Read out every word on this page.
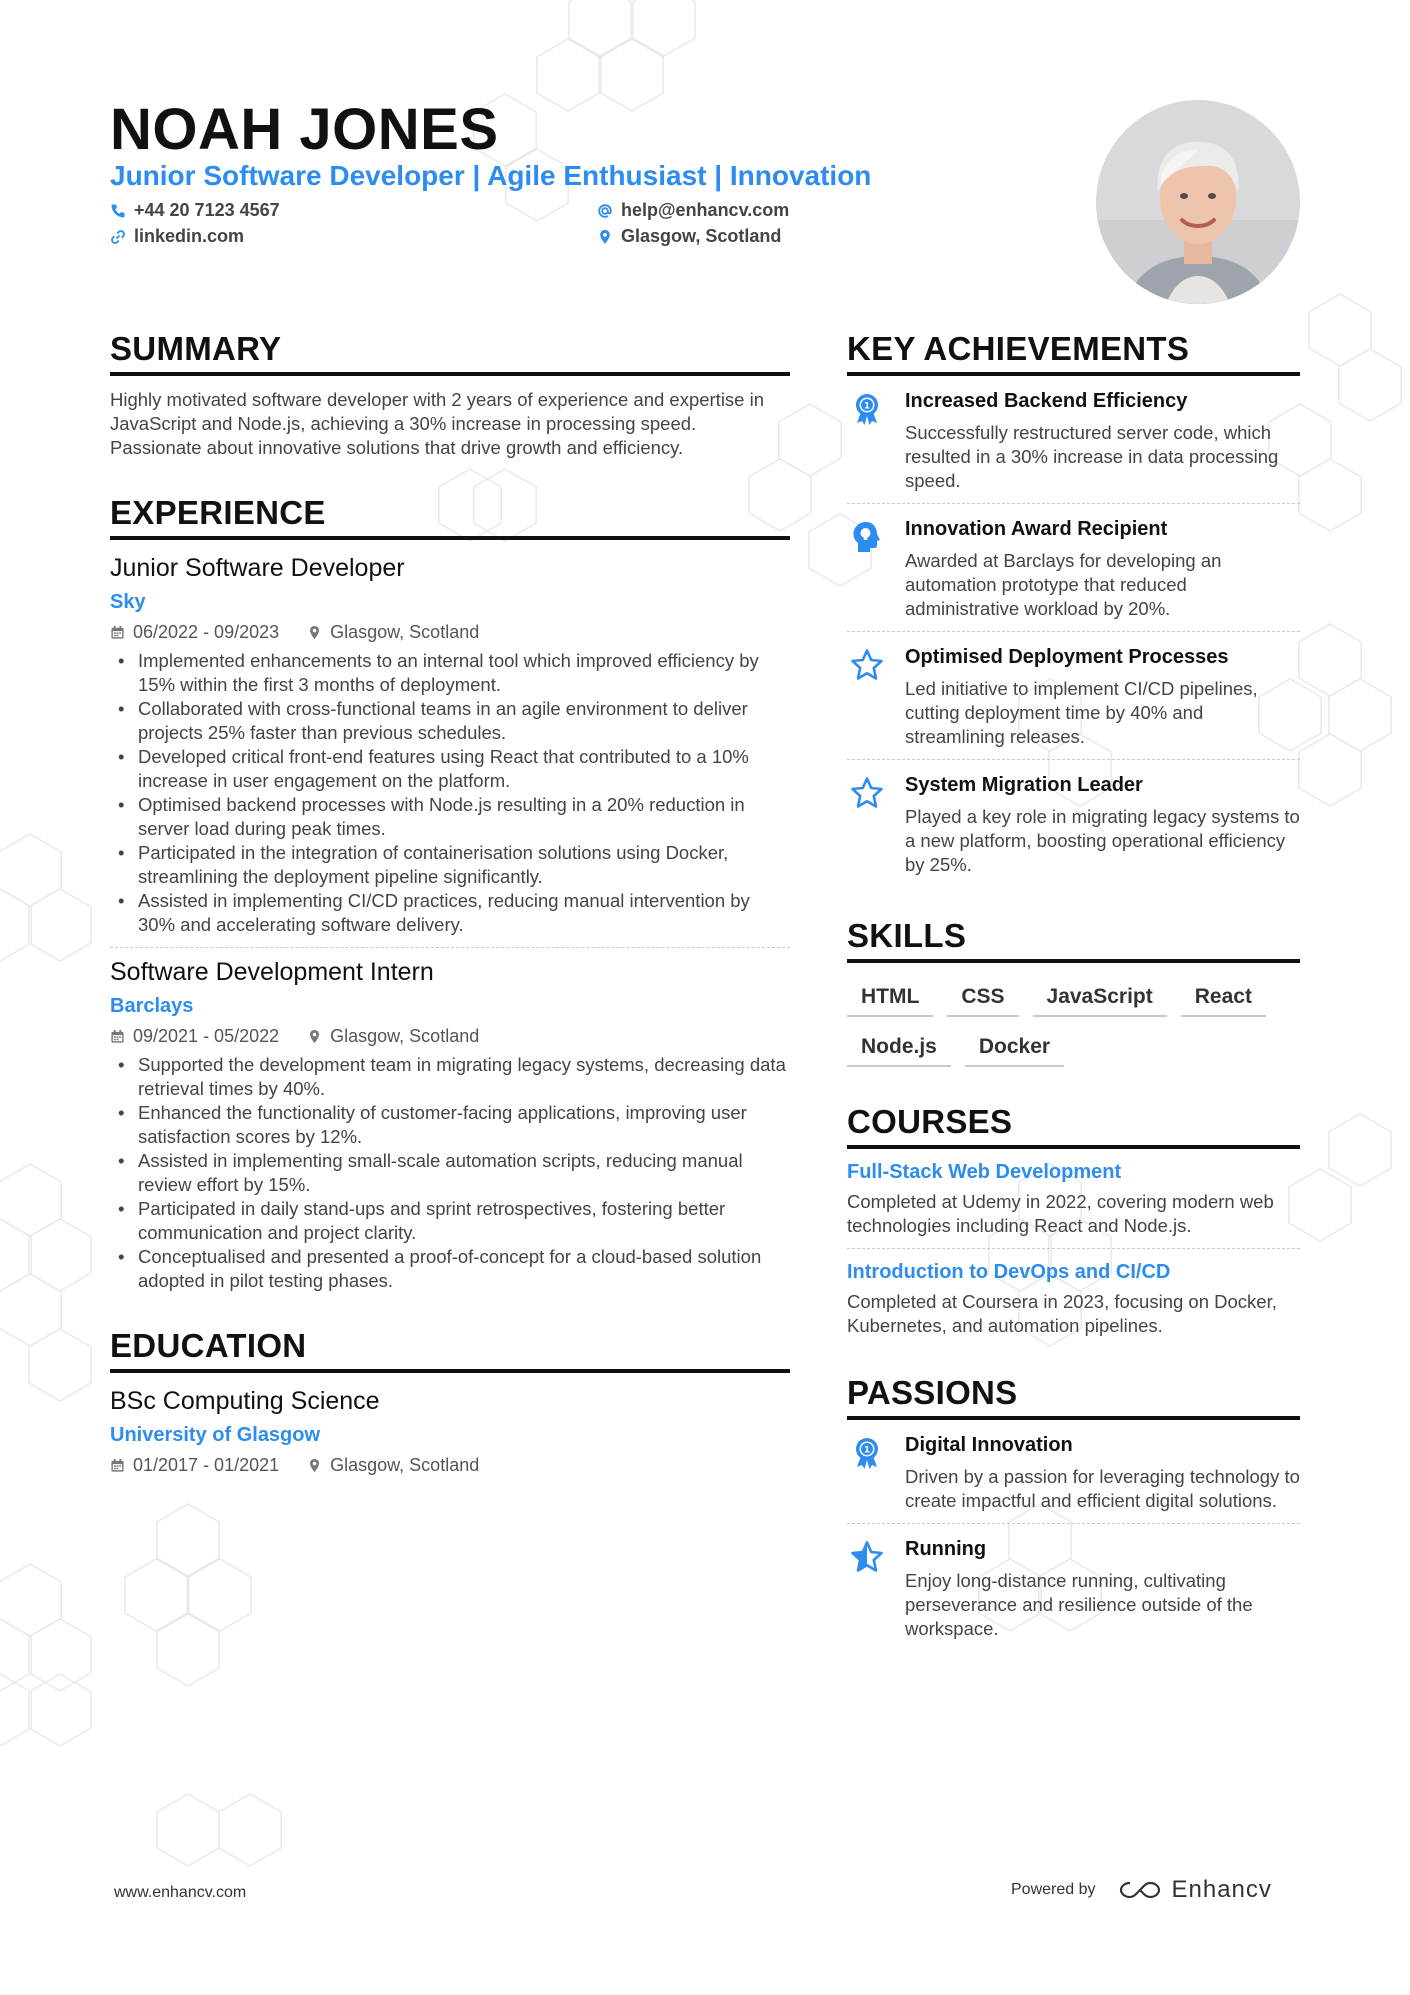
NOAH JONES
Junior Software Developer | Agile Enthusiast | Innovation
+44 20 7123 4567	help@enhancv.com
linkedin.com	Glasgow, Scotland
SUMMARY
Highly motivated software developer with 2 years of experience and expertise in JavaScript and Node.js, achieving a 30% increase in processing speed. Passionate about innovative solutions that drive growth and efficiency.
EXPERIENCE
Junior Software Developer
Sky
06/2022 - 09/2023	Glasgow, Scotland
• Implemented enhancements to an internal tool which improved efficiency by 15% within the first 3 months of deployment.
• Collaborated with cross-functional teams in an agile environment to deliver projects 25% faster than previous schedules.
• Developed critical front-end features using React that contributed to a 10% increase in user engagement on the platform.
• Optimised backend processes with Node.js resulting in a 20% reduction in server load during peak times.
• Participated in the integration of containerisation solutions using Docker, streamlining the deployment pipeline significantly.
• Assisted in implementing CI/CD practices, reducing manual intervention by 30% and accelerating software delivery.
Software Development Intern
Barclays
09/2021 - 05/2022	Glasgow, Scotland
• Supported the development team in migrating legacy systems, decreasing data retrieval times by 40%.
• Enhanced the functionality of customer-facing applications, improving user satisfaction scores by 12%.
• Assisted in implementing small-scale automation scripts, reducing manual review effort by 15%.
• Participated in daily stand-ups and sprint retrospectives, fostering better communication and project clarity.
• Conceptualised and presented a proof-of-concept for a cloud-based solution adopted in pilot testing phases.
EDUCATION
BSc Computing Science
University of Glasgow
01/2017 - 01/2021	Glasgow, Scotland
KEY ACHIEVEMENTS
1 Increased Backend Efficiency
Successfully restructured server code, which resulted in a 30% increase in data processing speed.
Innovation Award Recipient
Awarded at Barclays for developing an automation prototype that reduced administrative workload by 20%.
Optimised Deployment Processes
Led initiative to implement CI/CD pipelines, cutting deployment time by 40% and streamlining releases.
System Migration Leader
Played a key role in migrating legacy systems to a new platform, boosting operational efficiency by 25%.
SKILLS
HTML	CSS	JavaScript	React
Node.js	Docker
COURSES
Full-Stack Web Development
Completed at Udemy in 2022, covering modern web technologies including React and Node.js.
Introduction to DevOps and CI/CD
Completed at Coursera in 2023, focusing on Docker, Kubernetes, and automation pipelines.
PASSIONS
1 Digital Innovation
Driven by a passion for leveraging technology to create impactful and efficient digital solutions.
Running
Enjoy long-distance running, cultivating perseverance and resilience outside of the workspace.
www.enhancv.com	Powered by	Enhancv
